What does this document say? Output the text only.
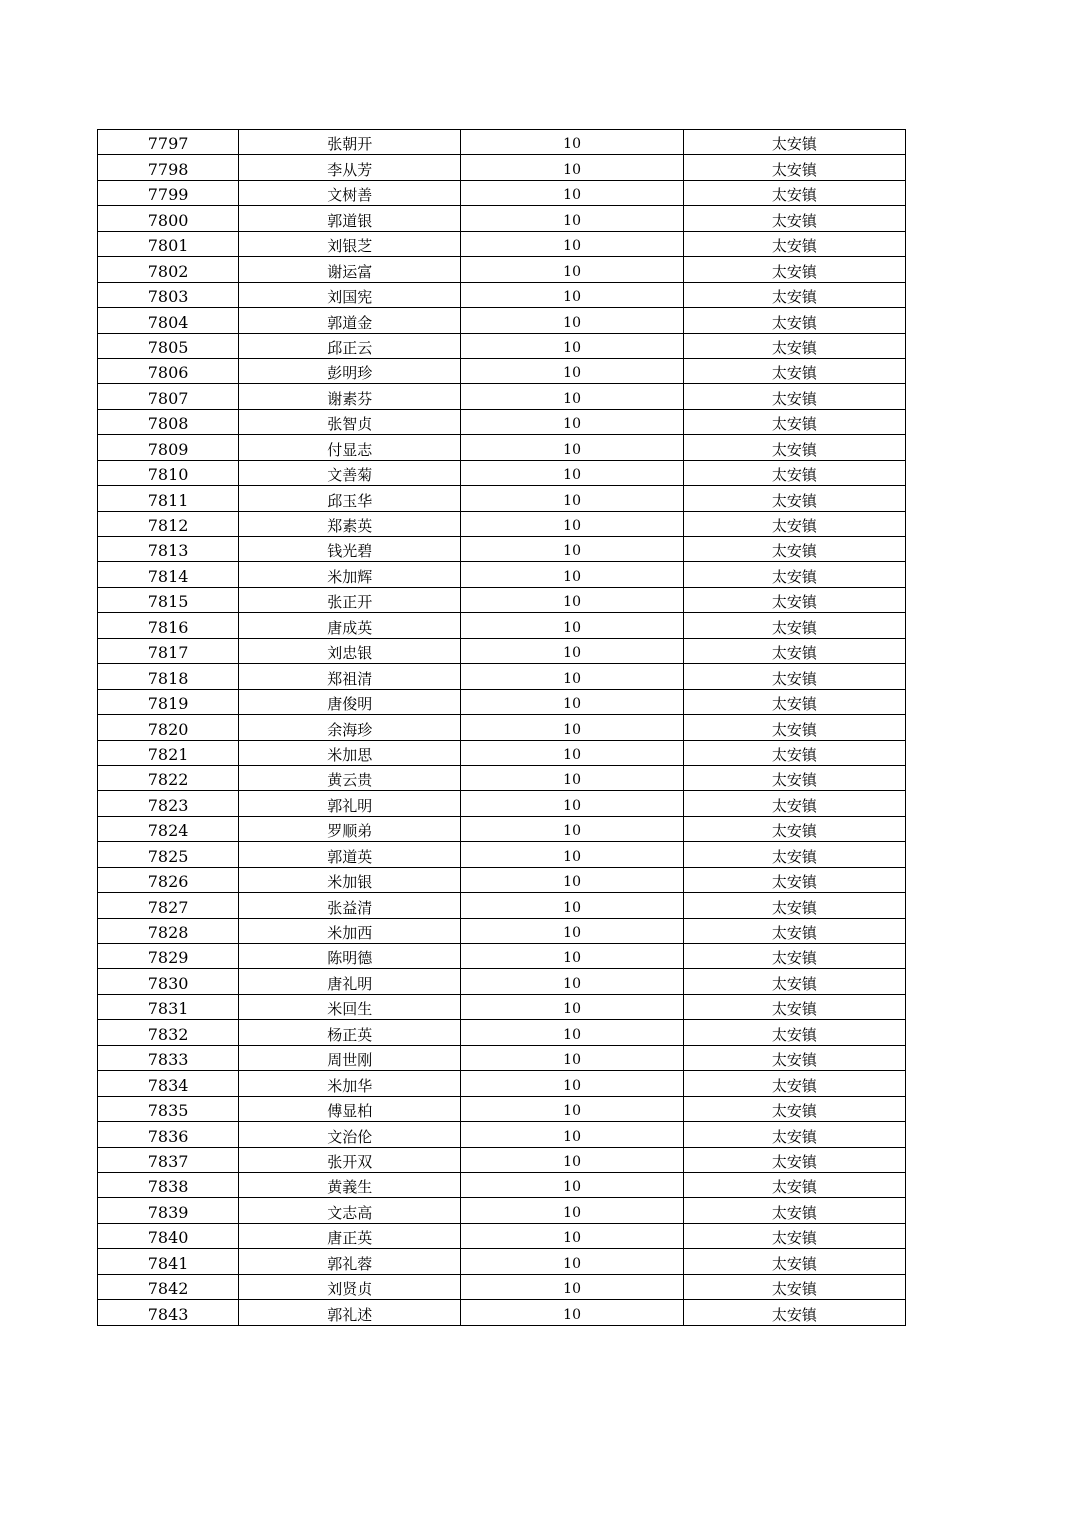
7797	张朝开	10	太安镇
7798	李从芳	10	太安镇
7799	文树善	10	太安镇
7800	郭道银	10	太安镇
7801	刘银芝	10	太安镇
7802	谢运富	10	太安镇
7803	刘国宪	10	太安镇
7804	郭道金	10	太安镇
7805	邱正云	10	太安镇
7806	彭明珍	10	太安镇
7807	谢素芬	10	太安镇
7808	张智贞	10	太安镇
7809	付显志	10	太安镇
7810	文善菊	10	太安镇
7811	邱玉华	10	太安镇
7812	郑素英	10	太安镇
7813	钱光碧	10	太安镇
7814	米加辉	10	太安镇
7815	张正开	10	太安镇
7816	唐成英	10	太安镇
7817	刘忠银	10	太安镇
7818	郑祖清	10	太安镇
7819	唐俊明	10	太安镇
7820	余海珍	10	太安镇
7821	米加思	10	太安镇
7822	黄云贵	10	太安镇
7823	郭礼明	10	太安镇
7824	罗顺弟	10	太安镇
7825	郭道英	10	太安镇
7826	米加银	10	太安镇
7827	张益清	10	太安镇
7828	米加西	10	太安镇
7829	陈明德	10	太安镇
7830	唐礼明	10	太安镇
7831	米回生	10	太安镇
7832	杨正英	10	太安镇
7833	周世刚	10	太安镇
7834	米加华	10	太安镇
7835	傅显柏	10	太安镇
7836	文治伦	10	太安镇
7837	张开双	10	太安镇
7838	黄義生	10	太安镇
7839	文志高	10	太安镇
7840	唐正英	10	太安镇
7841	郭礼蓉	10	太安镇
7842	刘贤贞	10	太安镇
7843	郭礼述	10	太安镇
